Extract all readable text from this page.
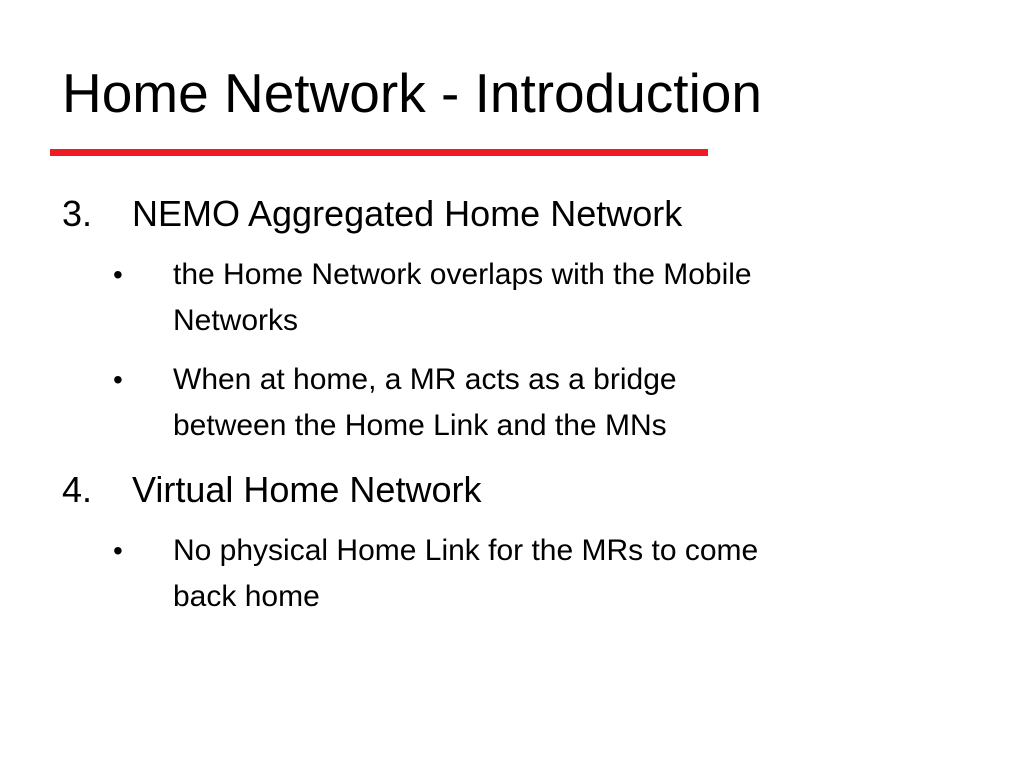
Home Network - Introduction
3. NEMO Aggregated Home Network
• the Home Network overlaps with the Mobile
Networks
• When at home, a MR acts as a bridge
between the Home Link and the MNs
4. Virtual Home Network
• No physical Home Link for the MRs to come
back home
